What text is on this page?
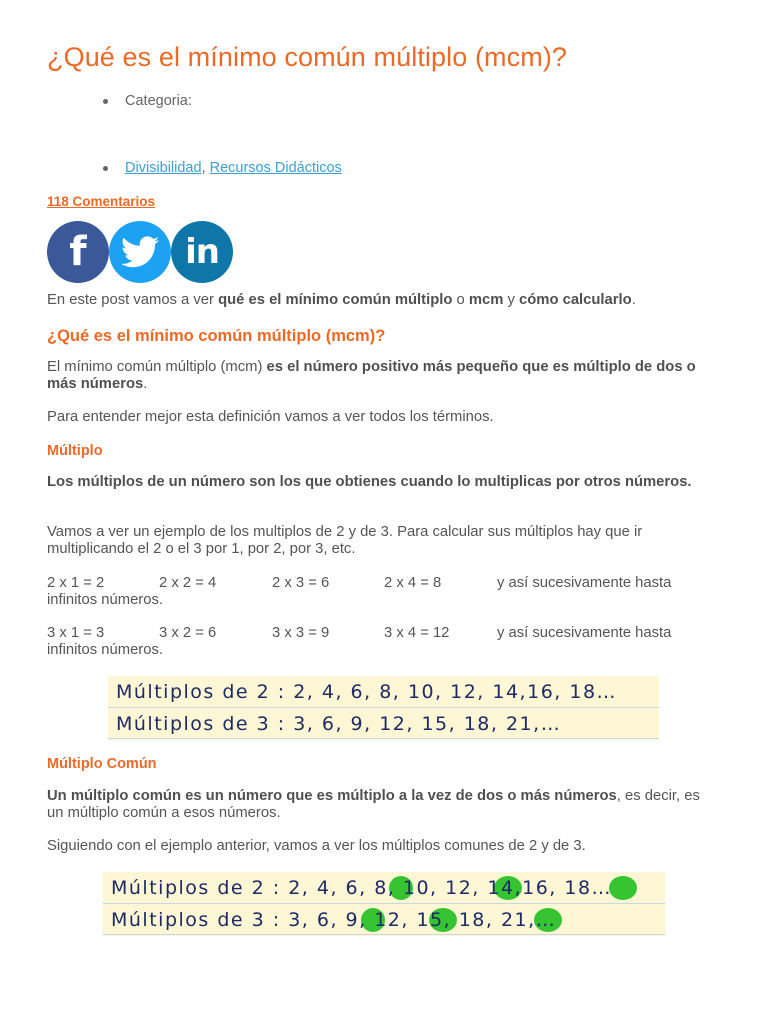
¿Qué es el mínimo común múltiplo (mcm)?
Categoria:
Divisibilidad, Recursos Didácticos
118 Comentarios
f	in
En este post vamos a ver qué es el mínimo común múltiplo o mcm y cómo calcularlo.
¿Qué es el mínimo común múltiplo (mcm)?
El mínimo común múltiplo (mcm) es el número positivo más pequeño que es múltiplo de dos o más números.
Para entender mejor esta definición vamos a ver todos los términos.
Múltiplo
Los múltiplos de un número son los que obtienes cuando lo multiplicas por otros números.
Vamos a ver un ejemplo de los multiplos de 2 y de 3. Para calcular sus múltiplos hay que ir multiplicando el 2 o el 3 por 1, por 2, por 3, etc.
2 x 1 = 2	2 x 2 = 4	2 x 3 = 6	2 x 4 = 8	y así sucesivamente hasta
infinitos números.
3 x 1 = 3	3 x 2 = 6	3 x 3 = 9	3 x 4 = 12	y así sucesivamente hasta
infinitos números.
Múltiplos de 2 : 2, 4, 6, 8, 10, 12, 14,16, 18…
Múltiplos de 3 : 3, 6, 9, 12, 15, 18, 21,…
Múltiplo Común
Un múltiplo común es un número que es múltiplo a la vez de dos o más números, es decir, es un múltiplo común a esos números.
Siguiendo con el ejemplo anterior, vamos a ver los múltiplos comunes de 2 y de 3.
Múltiplos de 2 : 2, 4, 6, 8, 10, 12, 14,16, 18…
Múltiplos de 3 : 3, 6, 9, 12, 15, 18, 21,…
